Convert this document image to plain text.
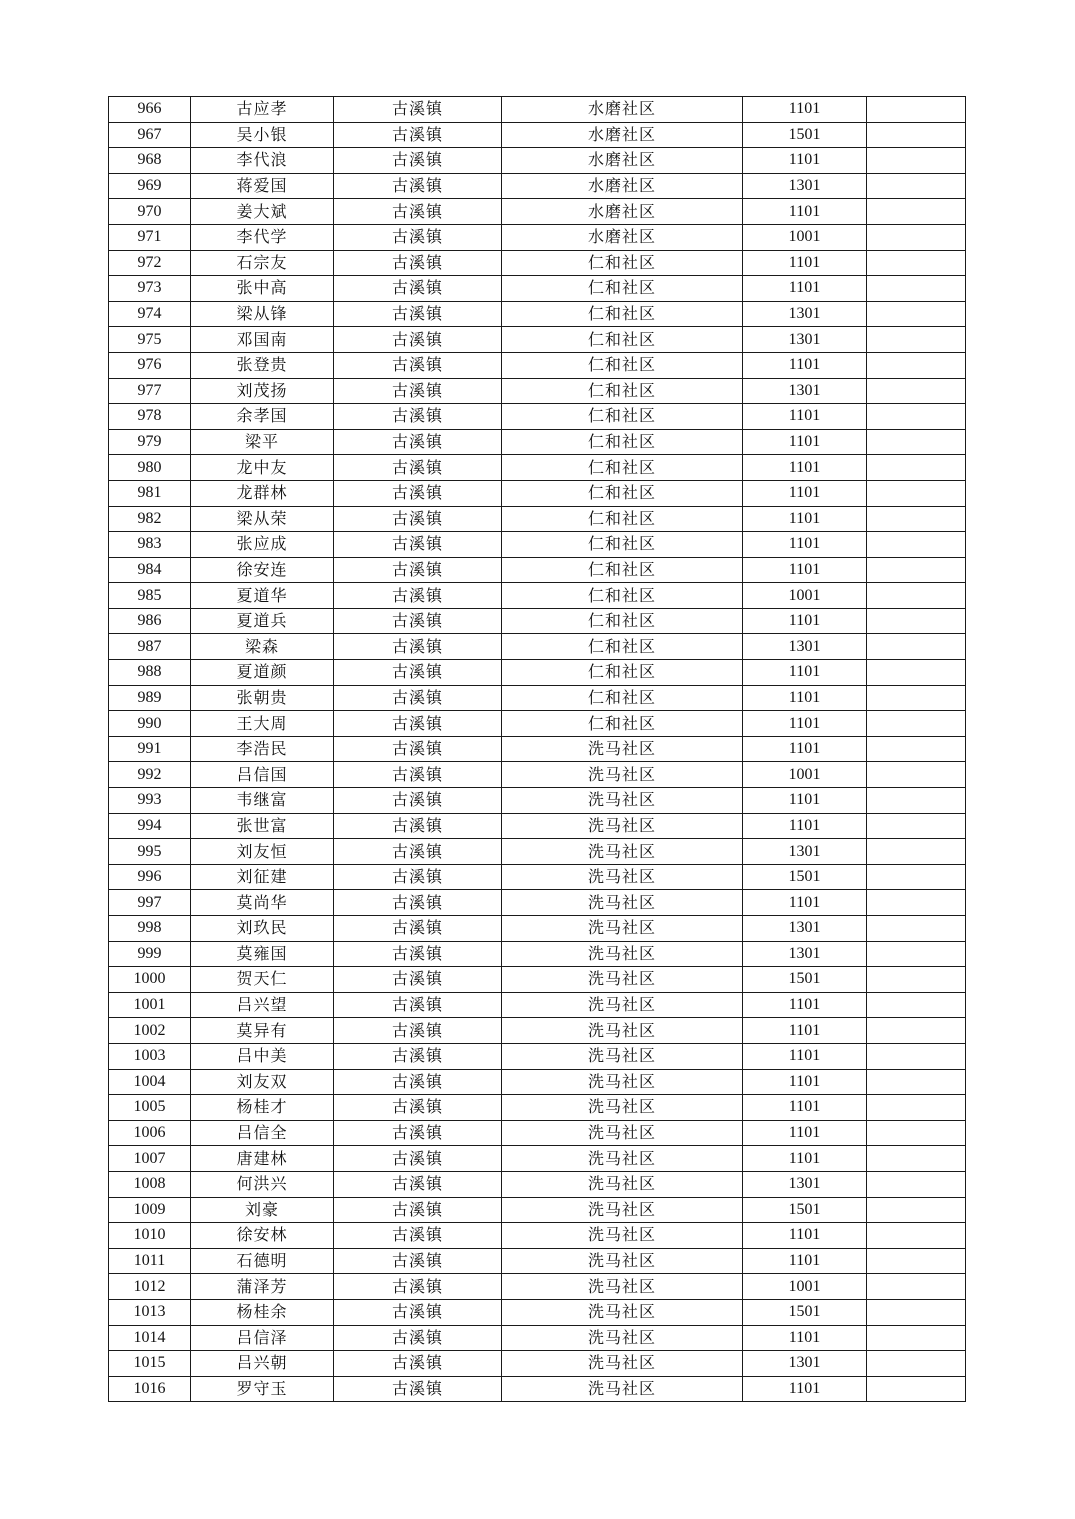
966	古应孝	古溪镇	水磨社区	1101	
967	吴小银	古溪镇	水磨社区	1501	
968	李代浪	古溪镇	水磨社区	1101	
969	蒋爱国	古溪镇	水磨社区	1301	
970	姜大斌	古溪镇	水磨社区	1101	
971	李代学	古溪镇	水磨社区	1001	
972	石宗友	古溪镇	仁和社区	1101	
973	张中高	古溪镇	仁和社区	1101	
974	梁从锋	古溪镇	仁和社区	1301	
975	邓国南	古溪镇	仁和社区	1301	
976	张登贵	古溪镇	仁和社区	1101	
977	刘茂扬	古溪镇	仁和社区	1301	
978	余孝国	古溪镇	仁和社区	1101	
979	梁平	古溪镇	仁和社区	1101	
980	龙中友	古溪镇	仁和社区	1101	
981	龙群林	古溪镇	仁和社区	1101	
982	梁从荣	古溪镇	仁和社区	1101	
983	张应成	古溪镇	仁和社区	1101	
984	徐安连	古溪镇	仁和社区	1101	
985	夏道华	古溪镇	仁和社区	1001	
986	夏道兵	古溪镇	仁和社区	1101	
987	梁森	古溪镇	仁和社区	1301	
988	夏道颜	古溪镇	仁和社区	1101	
989	张朝贵	古溪镇	仁和社区	1101	
990	王大周	古溪镇	仁和社区	1101	
991	李浩民	古溪镇	洗马社区	1101	
992	吕信国	古溪镇	洗马社区	1001	
993	韦继富	古溪镇	洗马社区	1101	
994	张世富	古溪镇	洗马社区	1101	
995	刘友恒	古溪镇	洗马社区	1301	
996	刘征建	古溪镇	洗马社区	1501	
997	莫尚华	古溪镇	洗马社区	1101	
998	刘玖民	古溪镇	洗马社区	1301	
999	莫雍国	古溪镇	洗马社区	1301	
1000	贺天仁	古溪镇	洗马社区	1501	
1001	吕兴望	古溪镇	洗马社区	1101	
1002	莫异有	古溪镇	洗马社区	1101	
1003	吕中美	古溪镇	洗马社区	1101	
1004	刘友双	古溪镇	洗马社区	1101	
1005	杨桂才	古溪镇	洗马社区	1101	
1006	吕信全	古溪镇	洗马社区	1101	
1007	唐建林	古溪镇	洗马社区	1101	
1008	何洪兴	古溪镇	洗马社区	1301	
1009	刘豪	古溪镇	洗马社区	1501	
1010	徐安林	古溪镇	洗马社区	1101	
1011	石德明	古溪镇	洗马社区	1101	
1012	蒲泽芳	古溪镇	洗马社区	1001	
1013	杨桂余	古溪镇	洗马社区	1501	
1014	吕信泽	古溪镇	洗马社区	1101	
1015	吕兴朝	古溪镇	洗马社区	1301	
1016	罗守玉	古溪镇	洗马社区	1101	
